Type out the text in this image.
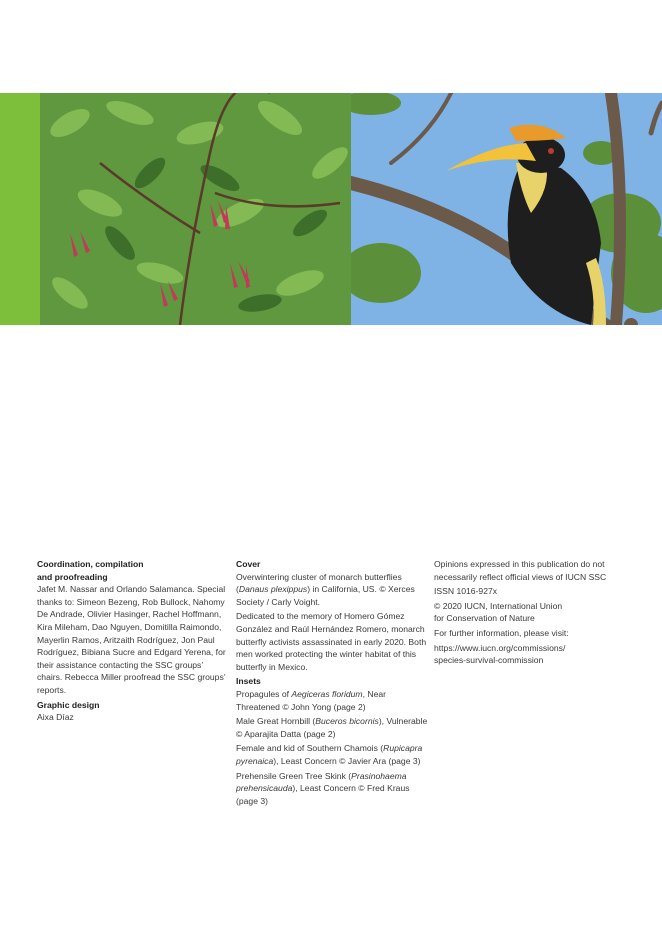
Coordination, compilation
and proofreading

Jafet M. Nassar and Orlando Salamanca. Special thanks to: Simeon Bezeng, Rob Bullock, Nahomy De Andrade, Olivier Hasinger, Rachel Hoffmann, Kira Mileham, Dao Nguyen, Domitilla Raimondo, Mayerlin Ramos, Aritzaith Rodríguez, Jon Paul Rodríguez, Bibiana Sucre and Edgard Yerena, for their assistance contacting the SSC groups’ chairs. Rebecca Miller proofread the SSC groups’ reports.

Graphic design

Aixa Díaz

Cover

Overwintering cluster of monarch butterflies (Danaus plexippus) in California, US. © Xerces Society / Carly Voight.

Dedicated to the memory of Homero Gómez González and Raúl Hernández Romero, monarch butterfly activists assassinated in early 2020. Both men worked protecting the winter habitat of this butterfly in Mexico.

Insets

Propagules of Aegiceras floridum, Near Threatened © John Yong (page 2)

Male Great Hornbill (Buceros bicornis), Vulnerable © Aparajita Datta (page 2)

Female and kid of Southern Chamois (Rupicapra pyrenaica), Least Concern © Javier Ara (page 3)

Prehensile Green Tree Skink (Prasinohaema prehensicauda), Least Concern © Fred Kraus (page 3)

Opinions expressed in this publication do not necessarily reflect official views of IUCN SSC

ISSN 1016-927x

© 2020 IUCN, International Union
for Conservation of Nature

For further information, please visit:

https://www.iucn.org/commissions/
species-survival-commission
